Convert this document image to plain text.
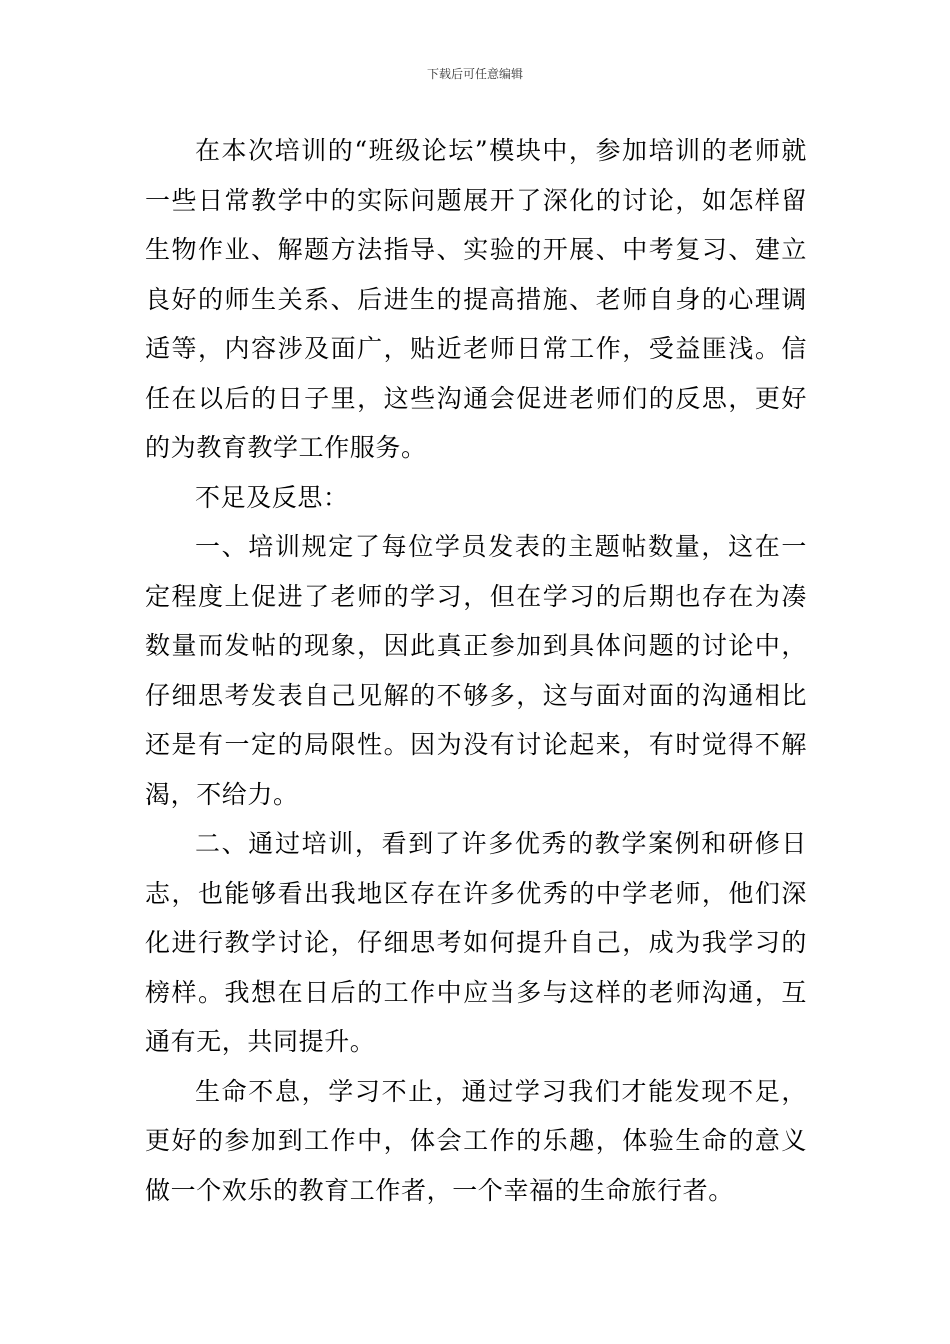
下载后可任意编辑

在本次培训的“班级论坛”模块中，参加培训的老师就一些日常教学中的实际问题展开了深化的讨论，如怎样留生物作业、解题方法指导、实验的开展、中考复习、建立良好的师生关系、后进生的提高措施、老师自身的心理调适等，内容涉及面广，贴近老师日常工作，受益匪浅。信任在以后的日子里，这些沟通会促进老师们的反思，更好的为教育教学工作服务。

不足及反思：

一、培训规定了每位学员发表的主题帖数量，这在一定程度上促进了老师的学习，但在学习的后期也存在为凑数量而发帖的现象，因此真正参加到具体问题的讨论中，仔细思考发表自己见解的不够多，这与面对面的沟通相比还是有一定的局限性。因为没有讨论起来，有时觉得不解渴，不给力。

二、通过培训，看到了许多优秀的教学案例和研修日志，也能够看出我地区存在许多优秀的中学老师，他们深化进行教学讨论，仔细思考如何提升自己，成为我学习的榜样。我想在日后的工作中应当多与这样的老师沟通，互通有无，共同提升。

生命不息，学习不止，通过学习我们才能发现不足，更好的参加到工作中，体会工作的乐趣，体验生命的意义做一个欢乐的教育工作者，一个幸福的生命旅行者。
